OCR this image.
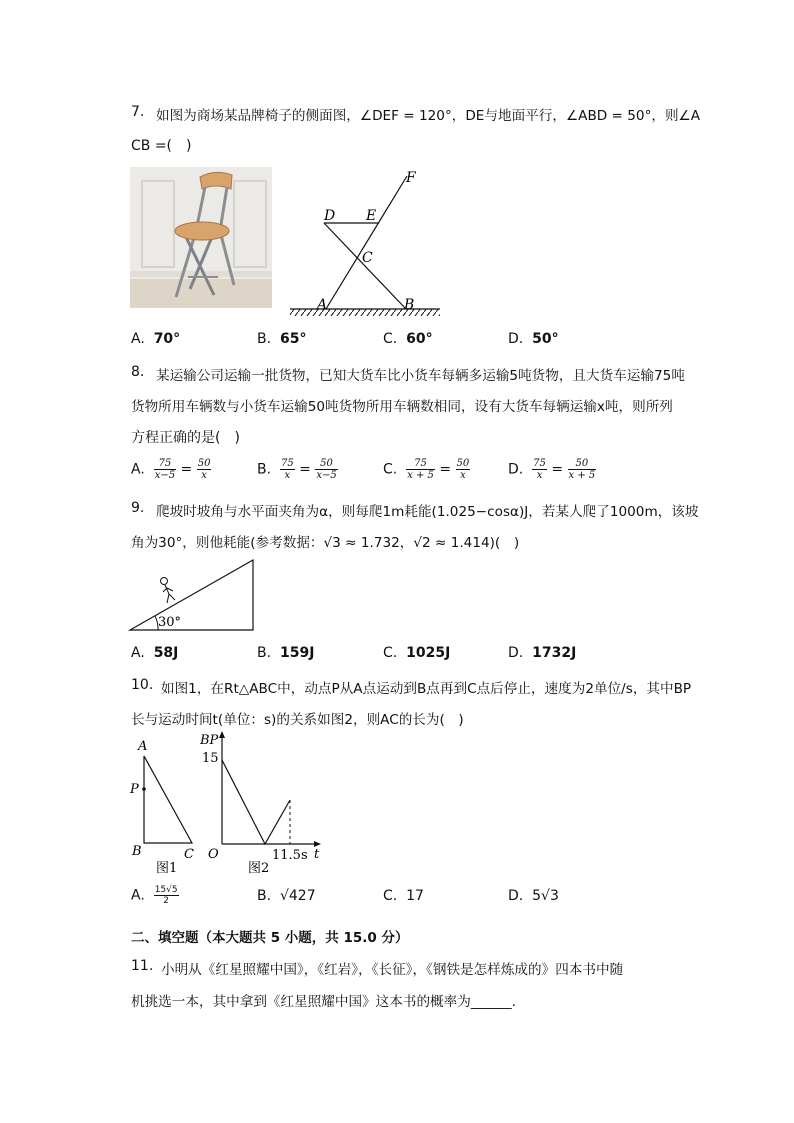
7. 如图为商场某品牌椅子的侧面图，∠DEF = 120°，DE与地面平行，∠ABD = 50°，则∠A
CB =(　)
F
D E
C
A	B
A. 70°	B. 65°	C. 60°	D. 50°
8. 某运输公司运输一批货物，已知大货车比小货车每辆多运输5吨货物，且大货车运输75吨
货物所用车辆数与小货车运输50吨货物所用车辆数相同，设有大货车每辆运输x吨，则所列
方程正确的是(　)
A. $\frac{75}{x-5} = \frac{50}{x}$	B. $\frac{75}{x} = \frac{50}{x-5}$	C. $\frac{75}{x + 5} = \frac{50}{x}$	D. $\frac{75}{x} = \frac{50}{x + 5}$
9. 爬坡时坡角与水平面夹角为α，则每爬1m耗能(1.025−cosα)J，若某人爬了1000m，该坡
角为30°，则他耗能(参考数据：√3 ≈ 1.732，√2 ≈ 1.414)(　)
30°
A. 58J	B. 159J	C. 1025J	D. 1732J
10. 如图1，在Rt△ABC中，动点P从A点运动到B点再到C点后停止，速度为2单位/s，其中BP
长与运动时间t(单位：s)的关系如图2，则AC的长为(　)
A
P
B	C
图1
BP
15
O	11.5s t
图2
A. $\frac{15√5}{2}$	B. √427	C. 17	D. 5√3
二、填空题（本大题共 5 小题，共 15.0 分）
11. 小明从《红星照耀中国》，《红岩》，《长征》，《钢铁是怎样炼成的》四本书中随
机挑选一本，其中拿到《红星照耀中国》这本书的概率为______.
